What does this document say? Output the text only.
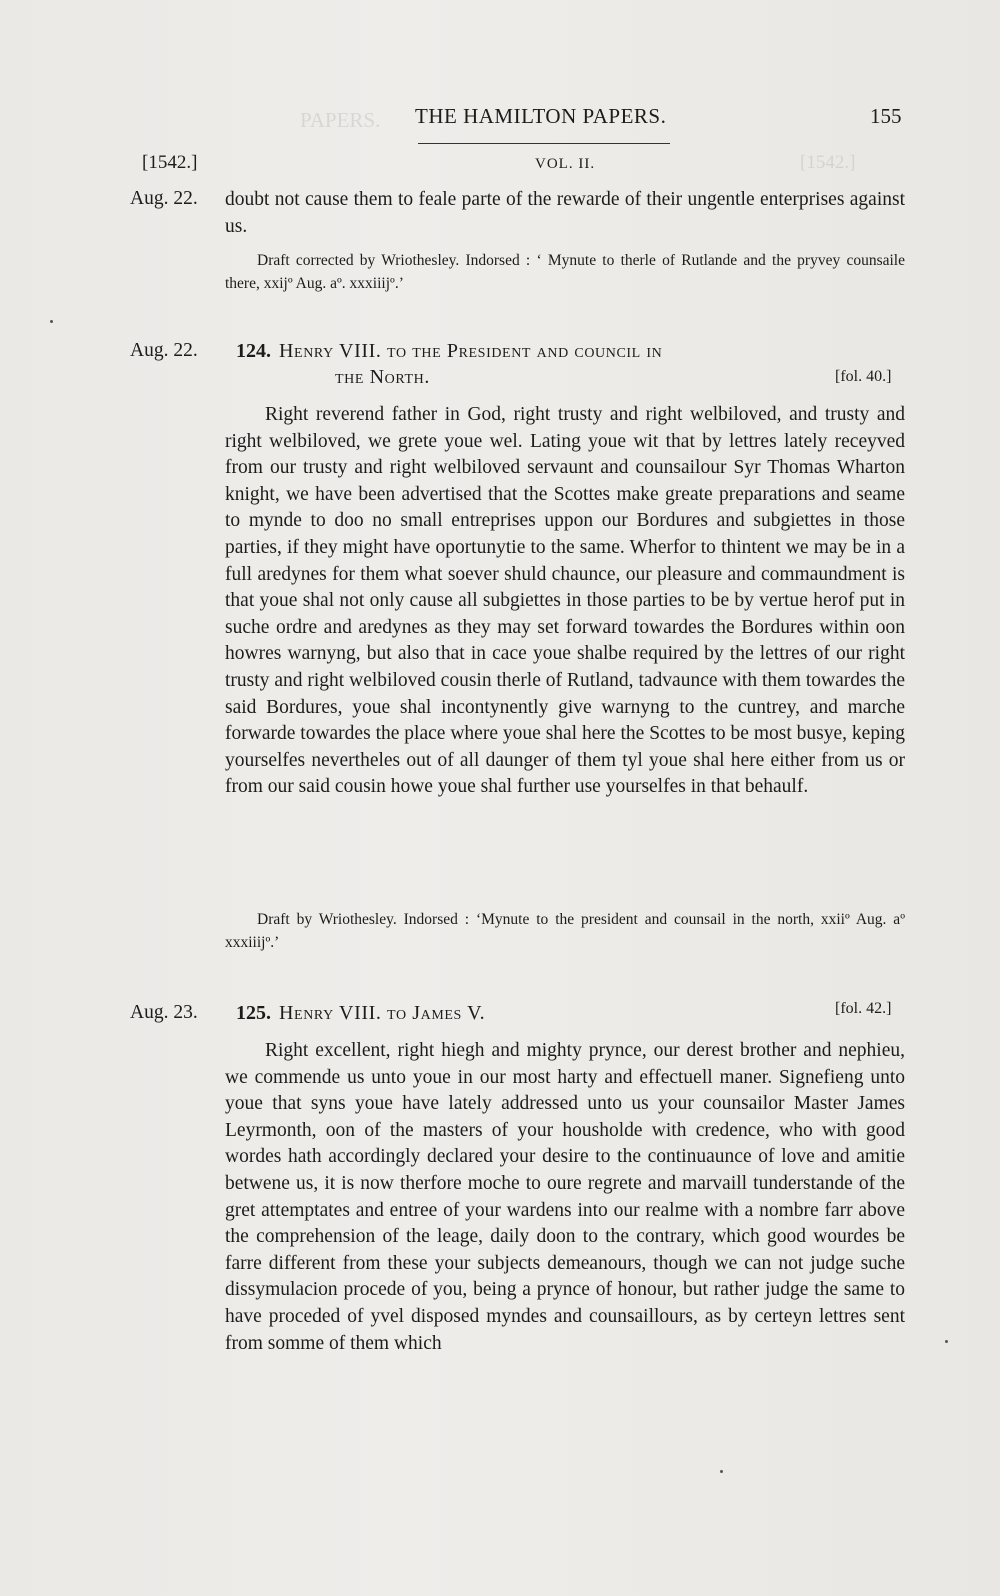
PAPERS.
[1542.]
THE HAMILTON PAPERS.	155
[1542.]	VOL. II.
Aug. 22. doubt not cause them to feale parte of the rewarde of their ungentle enterprises against us.

Draft corrected by Wriothesley. Indorsed : ‘ Mynute to therle of Rutlande and the pryvey counsaile there, xxijº Aug. aº. xxxiiijº.’

Aug. 22. 124. Henry VIII. to the President and council in
the North.	[fol. 40.]

Right reverend father in God, right trusty and right welbiloved, and trusty and right welbiloved, we grete youe wel. Lating youe wit that by lettres lately receyved from our trusty and right welbiloved servaunt and counsailour Syr Thomas Wharton knight, we have been advertised that the Scottes make greate preparations and seame to mynde to doo no small entreprises uppon our Bordures and subgiettes in those parties, if they might have oportunytie to the same. Wherfor to thintent we may be in a full aredynes for them what soever shuld chaunce, our pleasure and commaundment is that youe shal not only cause all subgiettes in those parties to be by vertue herof put in suche ordre and aredynes as they may set forward towardes the Bordures within oon howres warnyng, but also that in cace youe shalbe required by the lettres of our right trusty and right welbiloved cousin therle of Rutland, tadvaunce with them towardes the said Bordures, youe shal incontynently give warnyng to the cuntrey, and marche forwarde towardes the place where youe shal here the Scottes to be most busye, keping yourselfes nevertheles out of all daunger of them tyl youe shal here either from us or from our said cousin howe youe shal further use yourselfes in that behaulf.

Draft by Wriothesley. Indorsed : ‘Mynute to the president and counsail in the north, xxiiº Aug. aº xxxiiijº.’

Aug. 23. 125. Henry VIII. to James V.	[fol. 42.]

Right excellent, right hiegh and mighty prynce, our derest brother and nephieu, we commende us unto youe in our most harty and effectuell maner. Signefieng unto youe that syns youe have lately addressed unto us your counsailor Master James Leyrmonth, oon of the masters of your housholde with credence, who with good wordes hath accordingly declared your desire to the continuaunce of love and amitie betwene us, it is now therfore moche to oure regrete and marvaill tunderstande of the gret attemptates and entree of your wardens into our realme with a nombre farr above the comprehension of the leage, daily doon to the contrary, which good wourdes be farre different from these your subjects demeanours, though we can not judge suche dissymulacion procede of you, being a prynce of honour, but rather judge the same to have proceded of yvel disposed myndes and counsaillours, as by certeyn lettres sent from somme of them which
